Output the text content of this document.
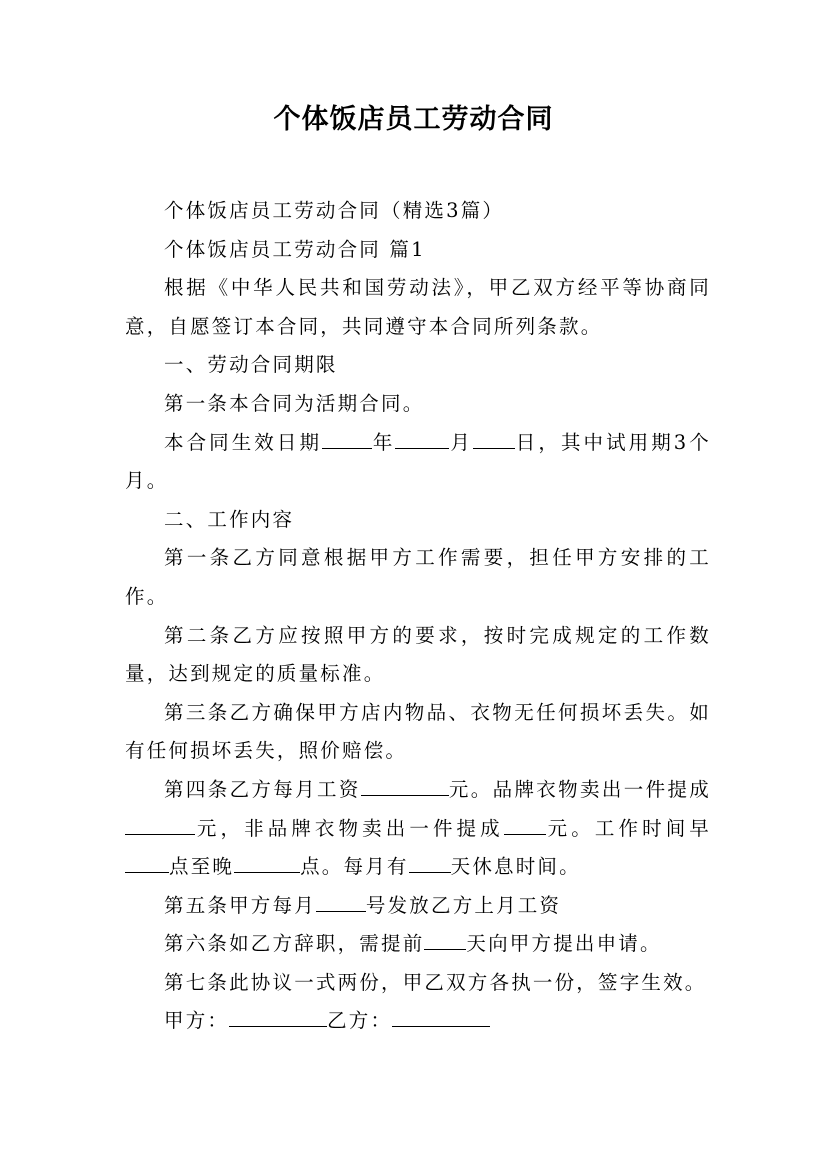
个体饭店员工劳动合同

个体饭店员工劳动合同（精选3篇）

个体饭店员工劳动合同 篇1

根据《中华人民共和国劳动法》，甲乙双方经平等协商同意，自愿签订本合同，共同遵守本合同所列条款。

一、劳动合同期限

第一条本合同为活期合同。

本合同生效日期	年	月 日，其中试用期3个月。

二、工作内容

第一条乙方同意根据甲方工作需要，担任甲方安排的工作。

第二条乙方应按照甲方的要求，按时完成规定的工作数量，达到规定的质量标准。

第三条乙方确保甲方店内物品、衣物无任何损坏丢失。如有任何损坏丢失，照价赔偿。

第四条乙方每月工资	元。品牌衣物卖出一件提成元，非品牌衣物卖出一件提成 元。工作时间早点至晚	点。每月有 天休息时间。

第五条甲方每月	号发放乙方上月工资

第六条如乙方辞职，需提前 天向甲方提出申请。

第七条此协议一式两份，甲乙双方各执一份，签字生效。

甲方：	乙方：
